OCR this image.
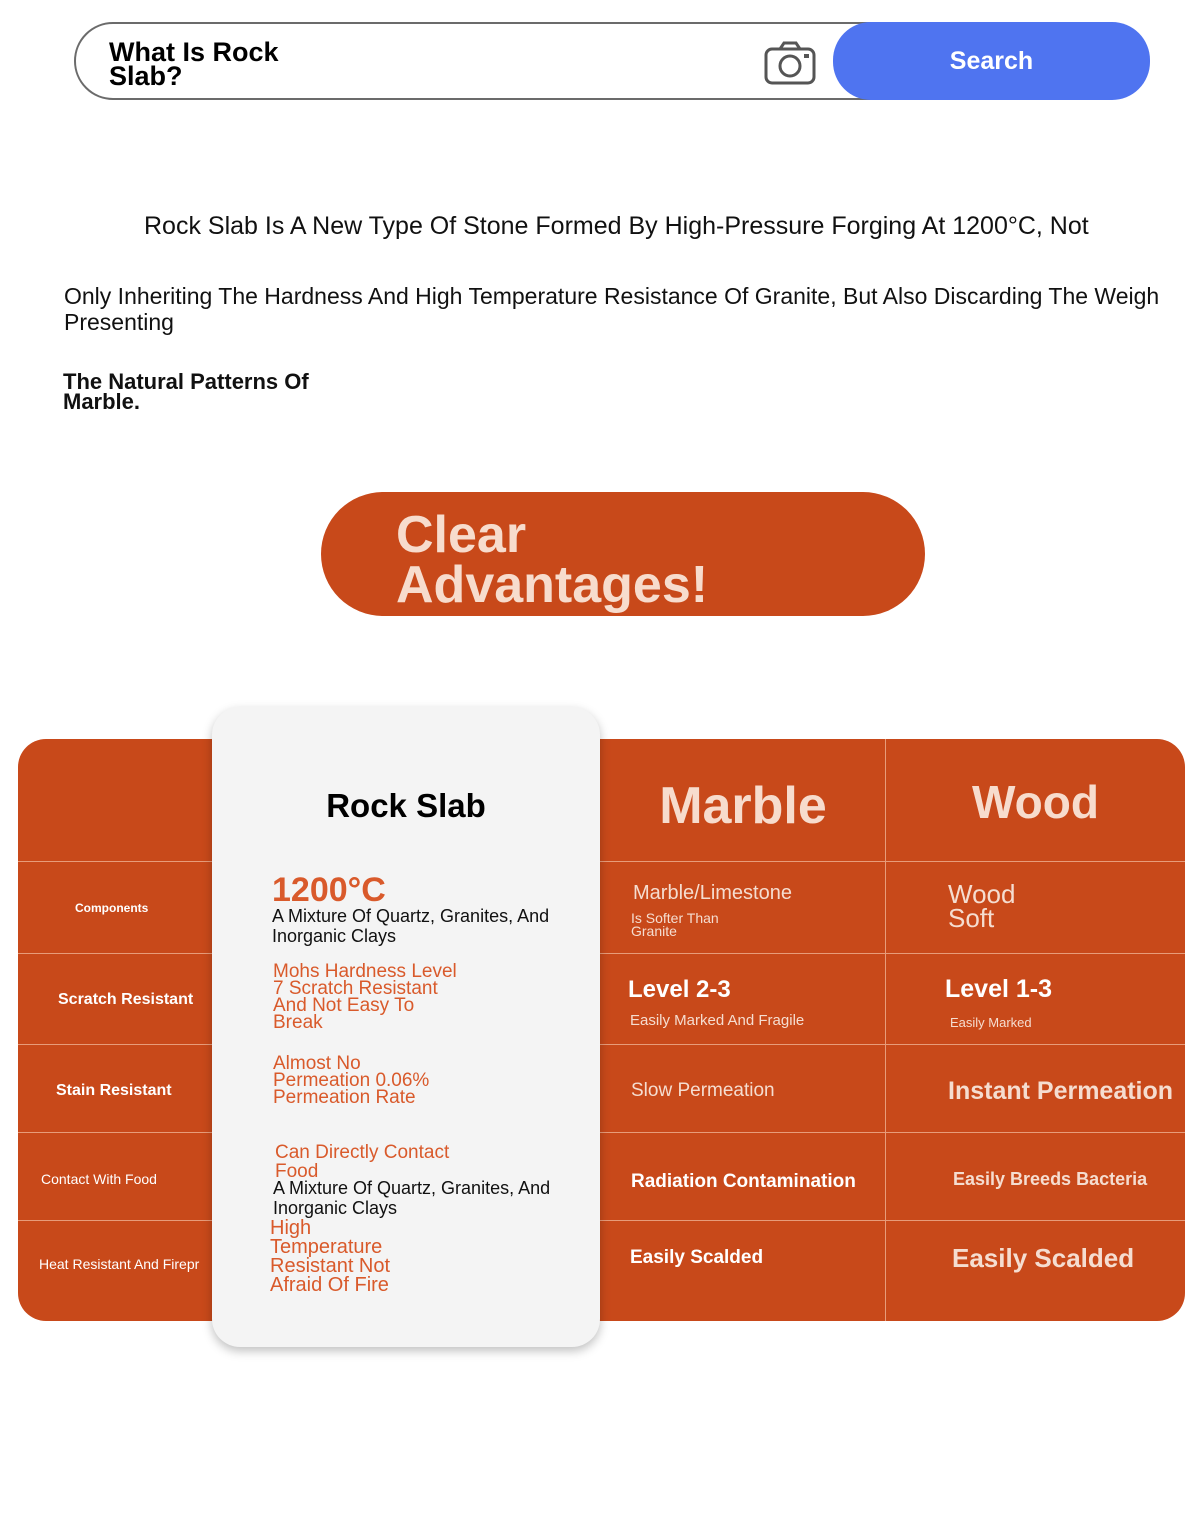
What Is Rock Slab?
Search
Rock Slab Is A New Type Of Stone Formed By High-Pressure Forging At 1200°C, Not
Only Inheriting The Hardness And High Temperature Resistance Of Granite, But Also Discarding The Weigh
Presenting
The Natural Patterns Of Marble.
Clear Advantages!
Components
Scratch Resistant
Stain Resistant
Contact With Food
Heat Resistant And Firepr
Marble
Marble/Limestone
Is Softer Than Granite
Level 2-3
Easily Marked And Fragile
Slow Permeation
Radiation Contamination
Easily Scalded
Wood
Wood Soft
Level 1-3
Easily Marked
Instant Permeation
Easily Breeds Bacteria
Easily Scalded
Rock Slab
1200°C
A Mixture Of Quartz, Granites, And Inorganic Clays
Mohs Hardness Level 7 Scratch Resistant And Not Easy To Break
Almost No Permeation 0.06% Permeation Rate
Can Directly Contact Food
A Mixture Of Quartz, Granites, And Inorganic Clays
High Temperature Resistant Not Afraid Of Fire
